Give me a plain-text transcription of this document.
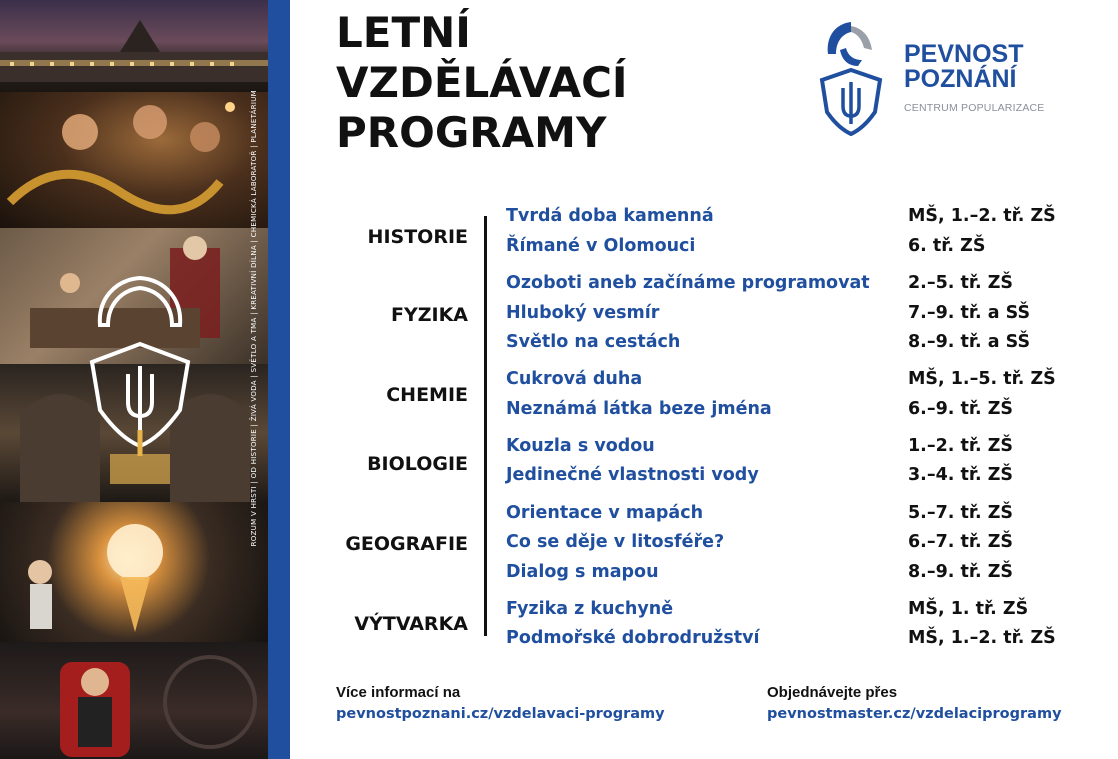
ROZUM V HRSTI | OD HISTORIE | ŽIVÁ VODA | SVĚTLO A TMA | KREATIVNÍ DÍLNA | CHEMICKÁ LABORATOŘ | PLANETÁRIUM
LETNÍ
VZDĚLÁVACÍ
PROGRAMY
PEVNOST
POZNÁNÍ
CENTRUM POPULARIZACE
HISTORIE
Tvrdá doba kamenná	MŠ, 1.–2. tř. ZŠ
Římané v Olomouci	6. tř. ZŠ
FYZIKA
Ozoboti aneb začínáme programovat 2.–5. tř. ZŠ
Hluboký vesmír	7.–9. tř. a SŠ
Světlo na cestách	8.–9. tř. a SŠ
CHEMIE
Cukrová duha	MŠ, 1.–5. tř. ZŠ
Neznámá látka beze jména	6.–9. tř. ZŠ
BIOLOGIE
Kouzla s vodou	1.–2. tř. ZŠ
Jedinečné vlastnosti vody	3.–4. tř. ZŠ
GEOGRAFIE
Orientace v mapách	5.–7. tř. ZŠ
Co se děje v litosféře?	6.–7. tř. ZŠ
Dialog s mapou	8.–9. tř. ZŠ
VÝTVARKA
Fyzika z kuchyně	MŠ, 1. tř. ZŠ
Podmořské dobrodružství	MŠ, 1.–2. tř. ZŠ
Více informací na
pevnostpoznani.cz/vzdelavaci-programy
Objednávejte přes
pevnostmaster.cz/vzdelaciprogramy
